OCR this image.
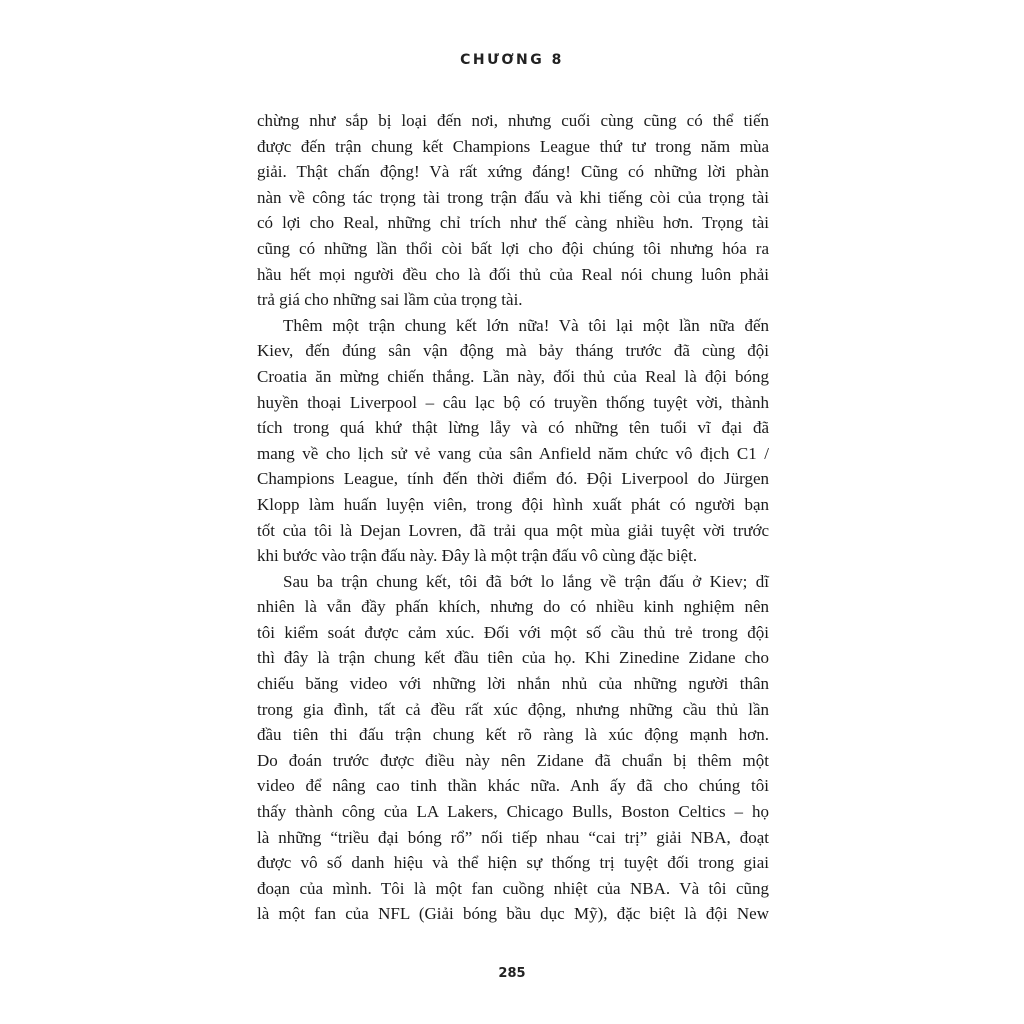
CHƯƠNG 8
chừng như sắp bị loại đến nơi, nhưng cuối cùng cũng có thể tiến
được đến trận chung kết Champions League thứ tư trong năm mùa
giải. Thật chấn động! Và rất xứng đáng! Cũng có những lời phàn
nàn về công tác trọng tài trong trận đấu và khi tiếng còi của trọng tài
có lợi cho Real, những chỉ trích như thế càng nhiều hơn. Trọng tài
cũng có những lần thổi còi bất lợi cho đội chúng tôi nhưng hóa ra
hầu hết mọi người đều cho là đối thủ của Real nói chung luôn phải
trả giá cho những sai lầm của trọng tài.
Thêm một trận chung kết lớn nữa! Và tôi lại một lần nữa đến
Kiev, đến đúng sân vận động mà bảy tháng trước đã cùng đội
Croatia ăn mừng chiến thắng. Lần này, đối thủ của Real là đội bóng
huyền thoại Liverpool – câu lạc bộ có truyền thống tuyệt vời, thành
tích trong quá khứ thật lừng lẫy và có những tên tuổi vĩ đại đã
mang về cho lịch sử vẻ vang của sân Anfield năm chức vô địch C1 /
Champions League, tính đến thời điểm đó. Đội Liverpool do Jürgen
Klopp làm huấn luyện viên, trong đội hình xuất phát có người bạn
tốt của tôi là Dejan Lovren, đã trải qua một mùa giải tuyệt vời trước
khi bước vào trận đấu này. Đây là một trận đấu vô cùng đặc biệt.
Sau ba trận chung kết, tôi đã bớt lo lắng về trận đấu ở Kiev; dĩ
nhiên là vẫn đầy phấn khích, nhưng do có nhiều kinh nghiệm nên
tôi kiểm soát được cảm xúc. Đối với một số cầu thủ trẻ trong đội
thì đây là trận chung kết đầu tiên của họ. Khi Zinedine Zidane cho
chiếu băng video với những lời nhắn nhủ của những người thân
trong gia đình, tất cả đều rất xúc động, nhưng những cầu thủ lần
đầu tiên thi đấu trận chung kết rõ ràng là xúc động mạnh hơn.
Do đoán trước được điều này nên Zidane đã chuẩn bị thêm một
video để nâng cao tinh thần khác nữa. Anh ấy đã cho chúng tôi
thấy thành công của LA Lakers, Chicago Bulls, Boston Celtics – họ
là những “triều đại bóng rổ” nối tiếp nhau “cai trị” giải NBA, đoạt
được vô số danh hiệu và thể hiện sự thống trị tuyệt đối trong giai
đoạn của mình. Tôi là một fan cuồng nhiệt của NBA. Và tôi cũng
là một fan của NFL (Giải bóng bầu dục Mỹ), đặc biệt là đội New
285
